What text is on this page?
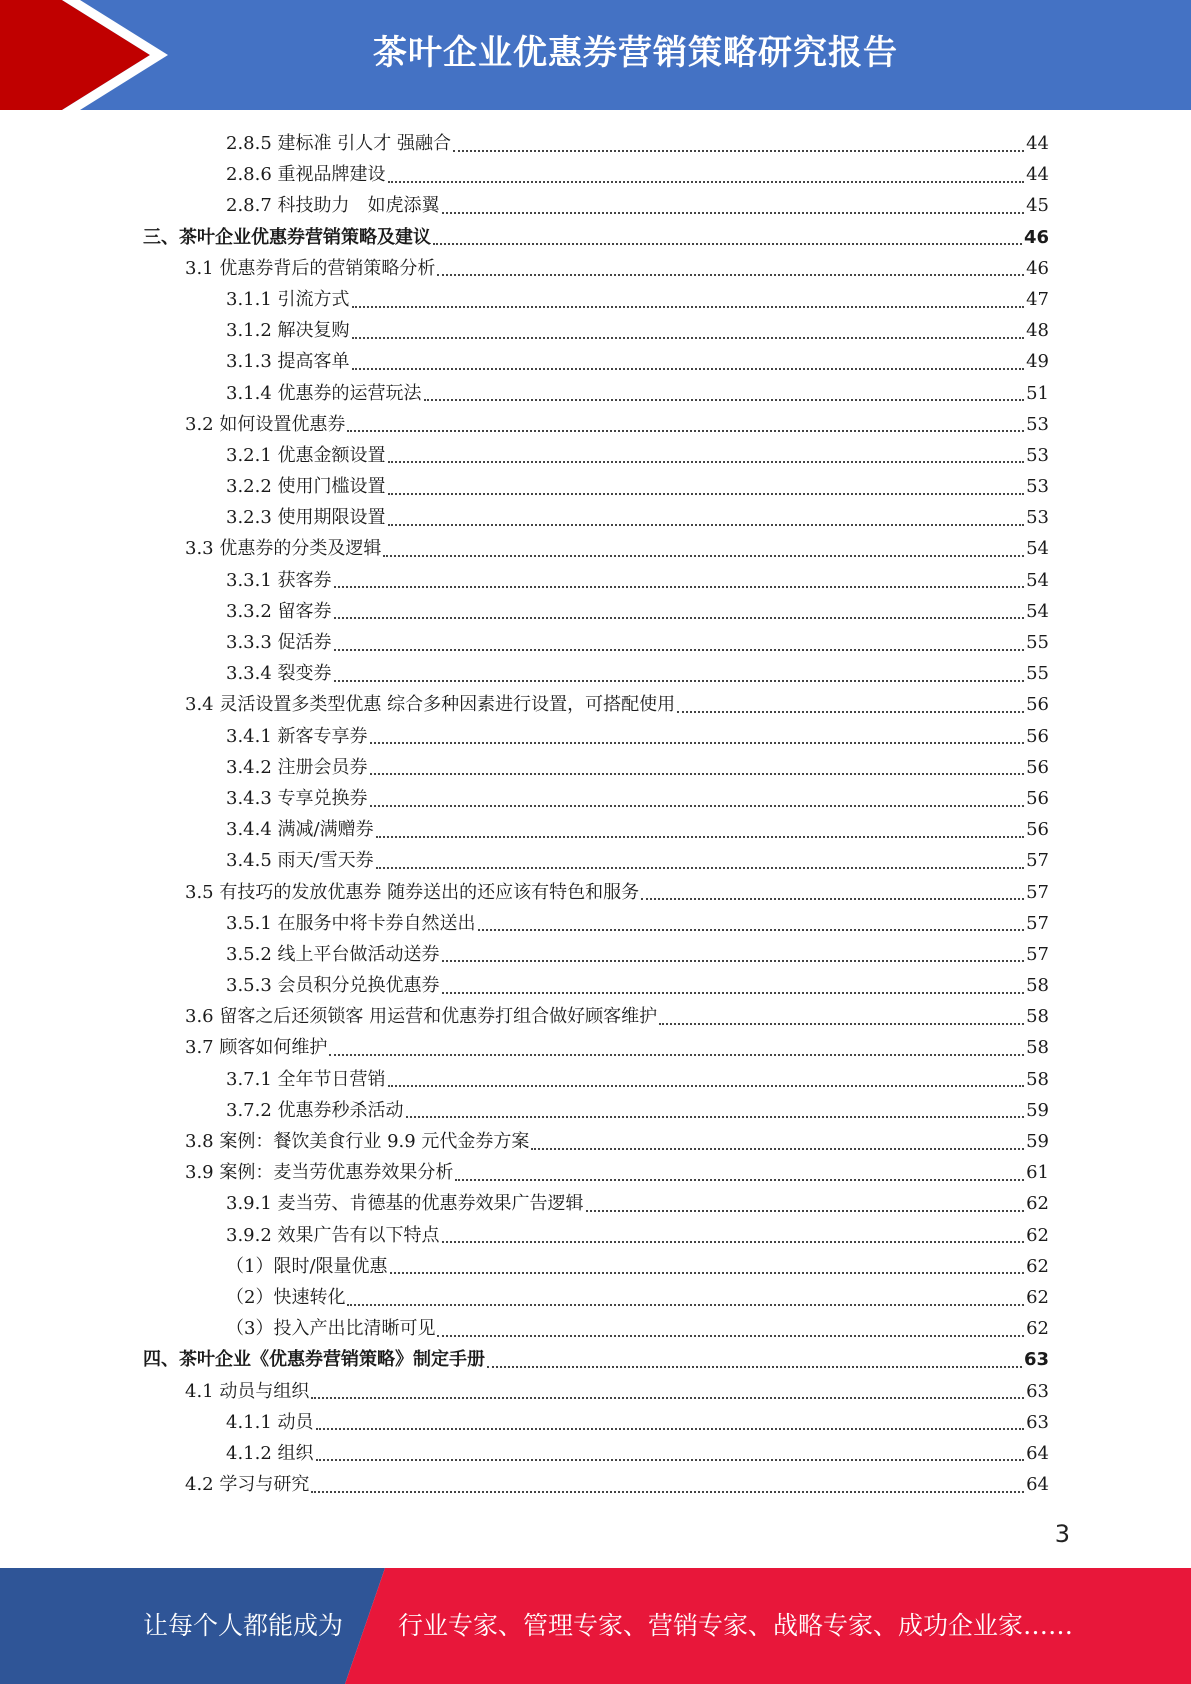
茶叶企业优惠券营销策略研究报告
2.8.5 建标准 引人才 强融合	44
2.8.6 重视品牌建设	44
2.8.7 科技助力　如虎添翼	45
三、茶叶企业优惠券营销策略及建议	46
3.1 优惠券背后的营销策略分析	46
3.1.1 引流方式	47
3.1.2 解决复购	48
3.1.3 提高客单	49
3.1.4 优惠券的运营玩法	51
3.2 如何设置优惠券	53
3.2.1 优惠金额设置	53
3.2.2 使用门槛设置	53
3.2.3 使用期限设置	53
3.3 优惠券的分类及逻辑	54
3.3.1 获客券	54
3.3.2 留客券	54
3.3.3 促活券	55
3.3.4 裂变券	55
3.4 灵活设置多类型优惠 综合多种因素进行设置，可搭配使用	56
3.4.1 新客专享券	56
3.4.2 注册会员券	56
3.4.3 专享兑换券	56
3.4.4 满减/满赠券	56
3.4.5 雨天/雪天券	57
3.5 有技巧的发放优惠券 随券送出的还应该有特色和服务	57
3.5.1 在服务中将卡券自然送出	57
3.5.2 线上平台做活动送券	57
3.5.3 会员积分兑换优惠券	58
3.6 留客之后还须锁客 用运营和优惠券打组合做好顾客维护	58
3.7 顾客如何维护	58
3.7.1 全年节日营销	58
3.7.2 优惠券秒杀活动	59
3.8 案例：餐饮美食行业 9.9 元代金券方案	59
3.9 案例：麦当劳优惠券效果分析	61
3.9.1 麦当劳、肯德基的优惠券效果广告逻辑	62
3.9.2 效果广告有以下特点	62
（1）限时/限量优惠	62
（2）快速转化	62
（3）投入产出比清晰可见	62
四、茶叶企业《优惠券营销策略》制定手册	63
4.1 动员与组织	63
4.1.1 动员	63
4.1.2 组织	64
4.2 学习与研究	64
3
让每个人都能成为 行业专家、管理专家、营销专家、战略专家、成功企业家……
